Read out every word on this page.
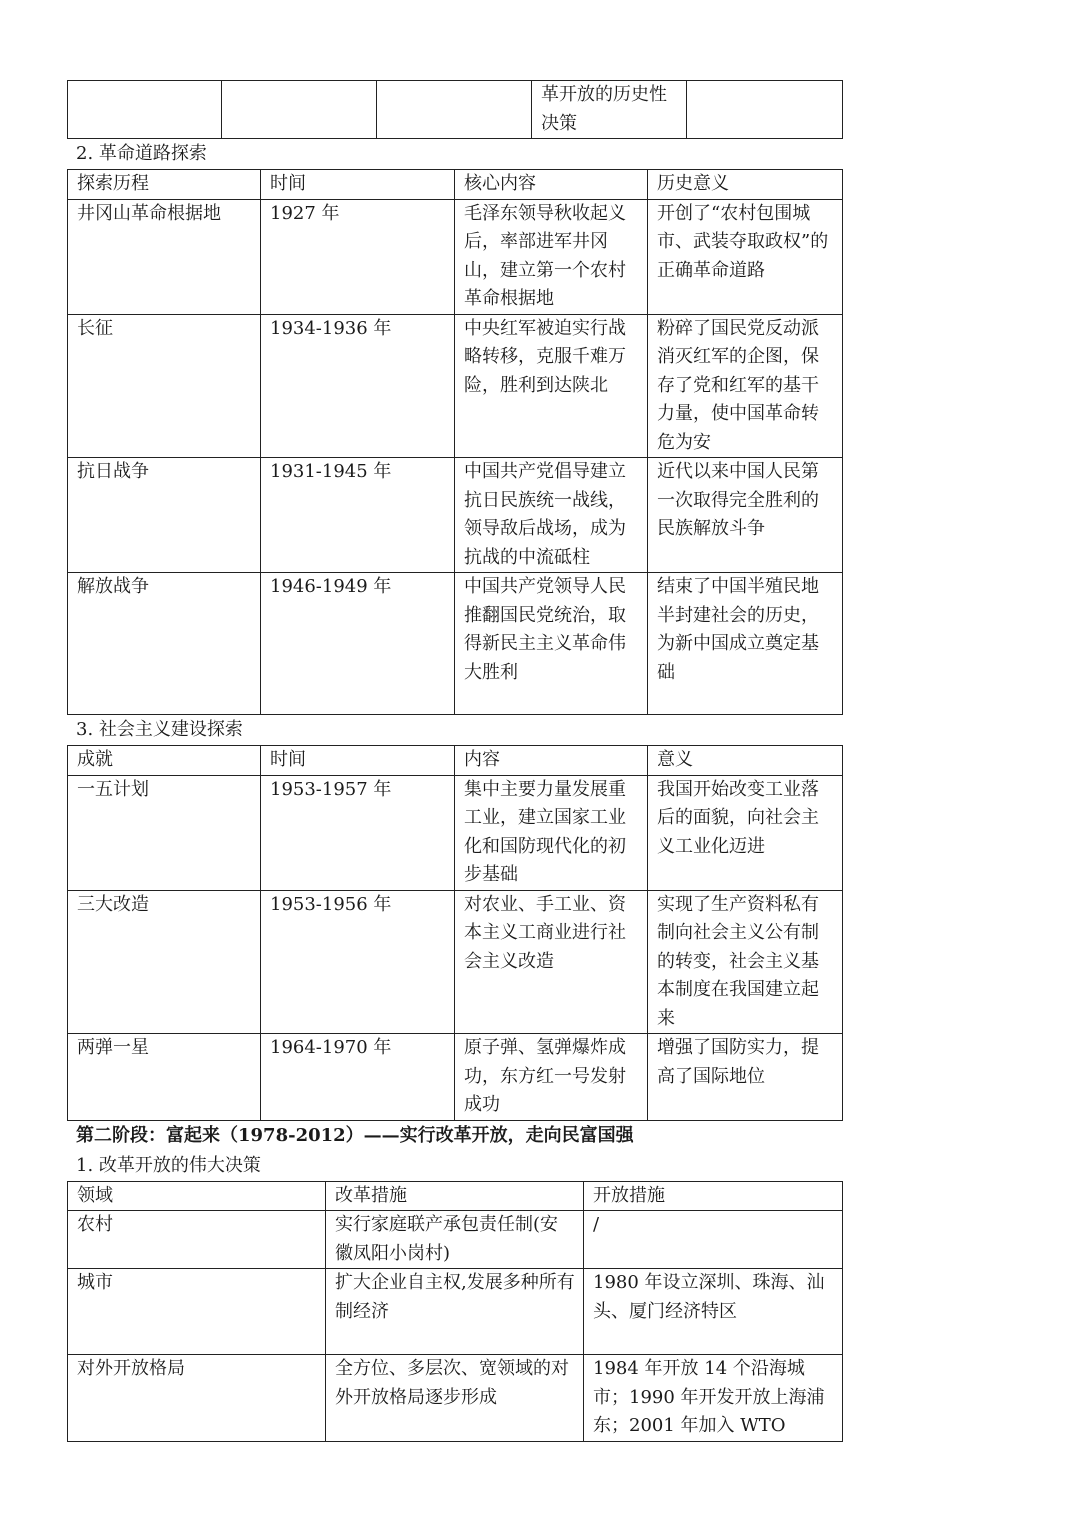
			革开放的历史性决策	
2. 革命道路探索
探索历程	时间	核心内容	历史意义
井冈山革命根据地	1927 年	毛泽东领导秋收起义后，率部进军井冈山，建立第一个农村革命根据地	开创了“农村包围城市、武装夺取政权”的正确革命道路
长征	1934-1936 年	中央红军被迫实行战略转移，克服千难万险，胜利到达陕北	粉碎了国民党反动派消灭红军的企图，保存了党和红军的基干力量，使中国革命转危为安
抗日战争	1931-1945 年	中国共产党倡导建立抗日民族统一战线，领导敌后战场，成为抗战的中流砥柱	近代以来中国人民第一次取得完全胜利的民族解放斗争
解放战争	1946-1949 年	中国共产党领导人民推翻国民党统治，取得新民主主义革命伟大胜利	结束了中国半殖民地半封建社会的历史，为新中国成立奠定基础
3. 社会主义建设探索
成就	时间	内容	意义
一五计划	1953-1957 年	集中主要力量发展重工业，建立国家工业化和国防现代化的初步基础	我国开始改变工业落后的面貌，向社会主义工业化迈进
三大改造	1953-1956 年	对农业、手工业、资本主义工商业进行社会主义改造	实现了生产资料私有制向社会主义公有制的转变，社会主义基本制度在我国建立起来
两弹一星	1964-1970 年	原子弹、氢弹爆炸成功，东方红一号发射成功	增强了国防实力，提高了国际地位
第二阶段：富起来（1978-2012）——实行改革开放，走向民富国强
1. 改革开放的伟大决策
领域	改革措施	开放措施
农村	实行家庭联产承包责任制(安徽凤阳小岗村)	/
城市	扩大企业自主权,发展多种所有制经济	1980 年设立深圳、珠海、汕头、厦门经济特区
对外开放格局	全方位、多层次、宽领域的对外开放格局逐步形成	1984 年开放 14 个沿海城市；1990 年开发开放上海浦东；2001 年加入 WTO
